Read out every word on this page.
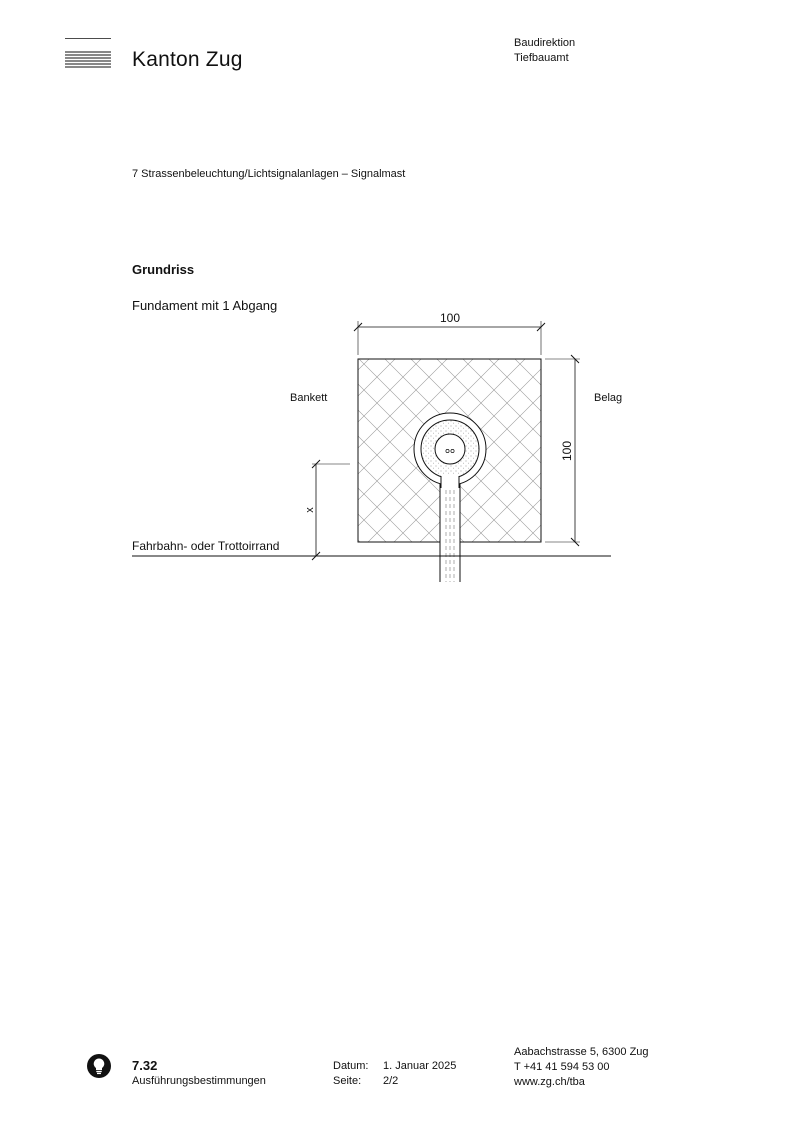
Kanton Zug
Baudirektion
Tiefbauamt
7 Strassenbeleuchtung/Lichtsignalanlagen – Signalmast
Grundriss
Fundament mit 1 Abgang
100
100
x
Bankett	Belag
Fahrbahn- oder Trottoirrand
7.32
Ausführungsbestimmungen
Datum: 1. Januar 2025
Seite: 2/2
Aabachstrasse 5, 6300 Zug
T +41 41 594 53 00
www.zg.ch/tba
